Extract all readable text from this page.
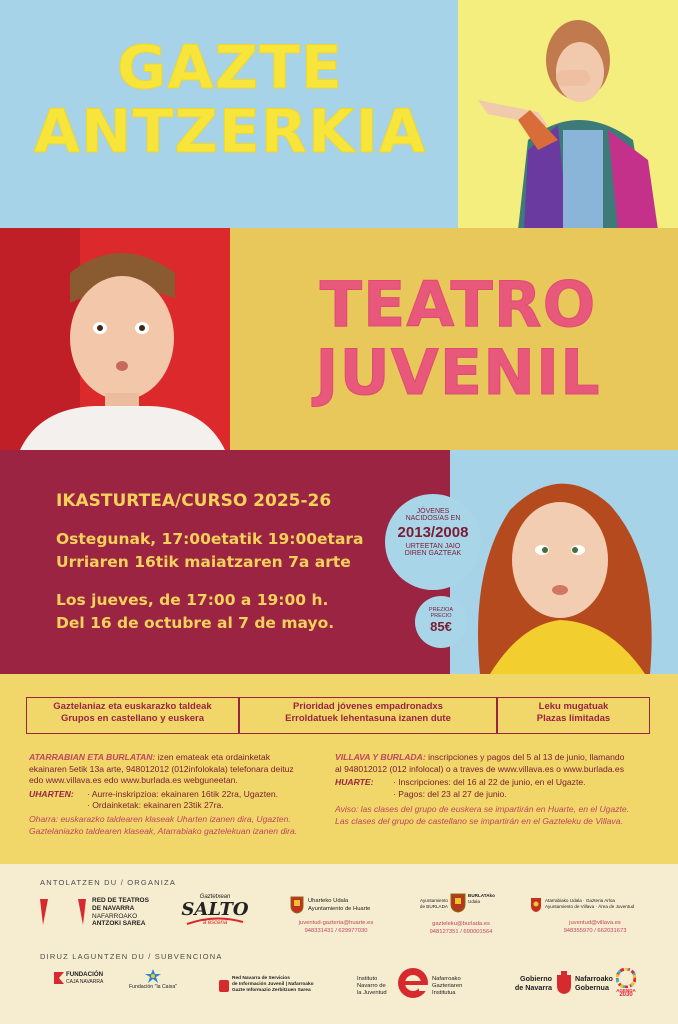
GAZTE
ANTZERKIA
TEATRO
JUVENIL
IKASTURTEA/CURSO 2025-26
Ostegunak, 17:00etatik 19:00etara
Urriaren 16tik maiatzaren 7a arte
Los jueves, de 17:00 a 19:00 h.
Del 16 de octubre al 7 de mayo.
JÓVENES
NACIDOS/AS EN
2013/2008
URTEETAN JAIO
DIREN GAZTEAK
PREZIOA
PRECIO
85€
Gaztelaniaz eta euskarazko taldeak
Grupos en castellano y euskera
Prioridad jóvenes empadronadxs
Erroldatuek lehentasuna izanen dute
Leku mugatuak
Plazas limitadas
ATARRABIAN ETA BURLATAN: izen emateak eta ordainketak
ekainaren 5etik 13a arte, 948012012 (012infolokala) telefonara deituz
edo www.villava.es edo www.burlada.es webguneetan.
UHARTEN:	· Aurre-inskripzioa: ekainaren 16tik 22ra, Ugazten.
· Ordainketak: ekainaren 23tik 27ra.
Oharra: euskarazko taldearen klaseak Uharten izanen dira, Ugazten.
Gaztelaniazko taldearen klaseak, Atarrabiako gaztelekuan izanen dira.
VILLAVA Y BURLADA: inscripciones y pagos del 5 al 13 de junio, llamando
al 948012012 (012 infolocal) o a traves de www.villava.es o www.burlada.es
HUARTE:	· Inscripciones: del 16 al 22 de junio, en el Ugazte.
· Pagos: del 23 al 27 de junio.
Aviso: las clases del grupo de euskera se impartirán en Huarte, en el Ugazte.
Las clases del grupo de castellano se impartirán en el Gazteleku de Villava.
ANTOLATZEN DU / ORGANIZA
RED DE TEATROS
DE NAVARRA
NAFARROAKO
ANTZOKI SAREA
Gaztetxean
SALTO
a escena
Uharteko Udala
Ayuntamiento de Huarte
juventud-gazteria@huarte.es
948331431 / 629977030
Ayuntamiento
de BURLADA
BURLATAko
Udala
gazteleku@burlada.es
948127351 / 690001564
Atarrabiako Udala · Gazteria Arloa
Ayuntamiento de Villava · Área de Juventud
juventud@villava.es
948355970 / 662031673
DIRUZ LAGUNTZEN DU / SUBVENCIONA
FUNDACIÓN
CAJA NAVARRA
Fundación "la Caixa"
Red Navarra de Servicios
de Información Juvenil | Nafarroako
Gazte Informazio Zerbitzuen Sarea
Instituto
Navarro de
la Juventud
Nafarroako
Gazteriaren
Institutua
Gobierno
de Navarra
Nafarroako
Gobernua	AGENDA
2030
